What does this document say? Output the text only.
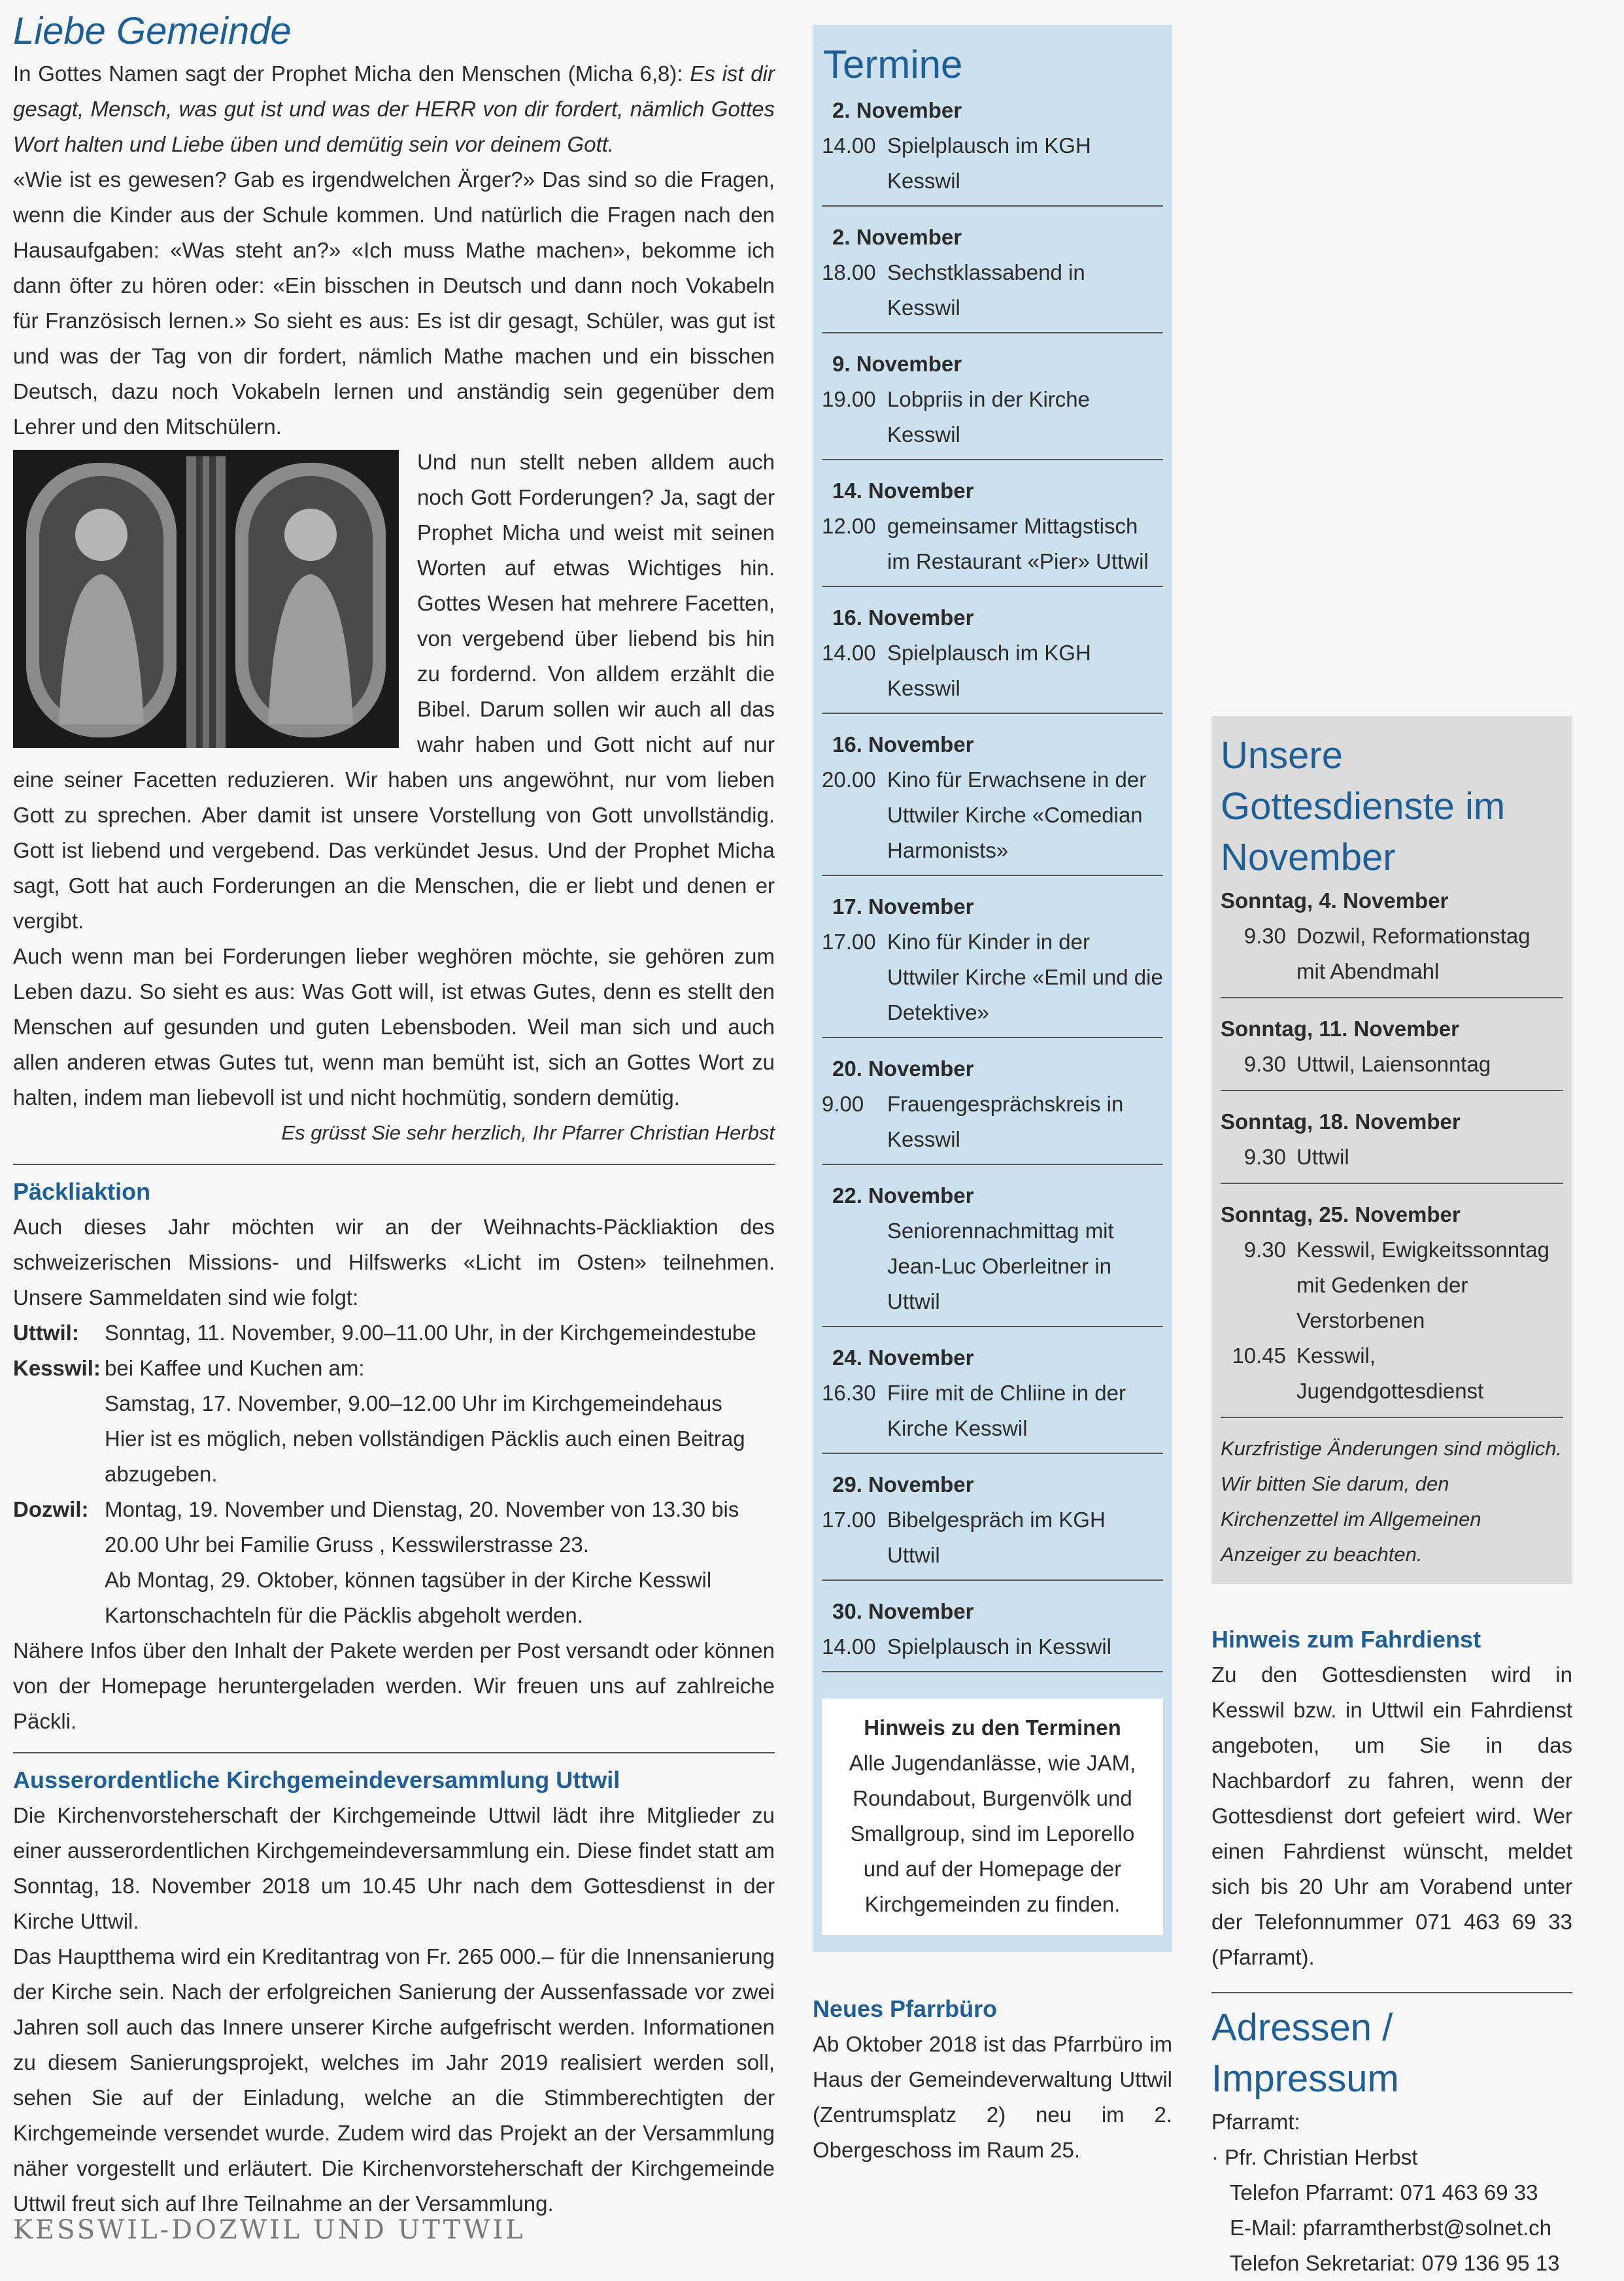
Liebe Gemeinde

In Gottes Namen sagt der Prophet Micha den Menschen (Micha 6,8): Es ist dir gesagt, Mensch, was gut ist und was der HERR von dir fordert, nämlich Gottes Wort halten und Liebe üben und demütig sein vor deinem Gott.

«Wie ist es gewesen? Gab es irgendwelchen Ärger?» Das sind so die Fragen, wenn die Kinder aus der Schule kommen. Und natürlich die Fragen nach den Hausaufgaben: «Was steht an?» «Ich muss Mathe machen», bekomme ich dann öfter zu hören oder: «Ein bisschen in Deutsch und dann noch Vokabeln für Französisch lernen.» So sieht es aus: Es ist dir gesagt, Schüler, was gut ist und was der Tag von dir fordert, nämlich Mathe machen und ein bisschen Deutsch, dazu noch Vokabeln lernen und anständig sein gegenüber dem Lehrer und den Mitschülern.

Und nun stellt neben alldem auch noch Gott Forderungen? Ja, sagt der Prophet Micha und weist mit seinen Worten auf etwas Wichtiges hin. Gottes Wesen hat mehrere Facetten, von vergebend über liebend bis hin zu fordernd. Von alldem erzählt die Bibel. Darum sollen wir auch all das wahr haben und Gott nicht auf nur eine seiner Facetten reduzieren. Wir haben uns angewöhnt, nur vom lieben Gott zu sprechen. Aber damit ist unsere Vorstellung von Gott unvollständig. Gott ist liebend und vergebend. Das verkündet Jesus. Und der Prophet Micha sagt, Gott hat auch Forderungen an die Menschen, die er liebt und denen er vergibt.

Auch wenn man bei Forderungen lieber weghören möchte, sie gehören zum Leben dazu. So sieht es aus: Was Gott will, ist etwas Gutes, denn es stellt den Menschen auf gesunden und guten Lebensboden. Weil man sich und auch allen anderen etwas Gutes tut, wenn man bemüht ist, sich an Gottes Wort zu halten, indem man liebevoll ist und nicht hochmütig, sondern demütig.

Es grüsst Sie sehr herzlich, Ihr Pfarrer Christian Herbst
Päckliaktion

Auch dieses Jahr möchten wir an der Weihnachts-Päckliaktion des schweizerischen Missions- und Hilfswerks «Licht im Osten» teilnehmen. Unsere Sammeldaten sind wie folgt:

Uttwil:	Sonntag, 11. November, 9.00–11.00 Uhr, in der Kirchgemeindestube
Kesswil: bei Kaffee und Kuchen am:

Samstag, 17. November, 9.00–12.00 Uhr im Kirchgemeindehaus

Hier ist es möglich, neben vollständigen Päcklis auch einen Beitrag abzugeben.

Dozwil: Montag, 19. November und Dienstag, 20. November von 13.30 bis 20.00 Uhr bei Familie Gruss , Kesswilerstrasse 23.

Ab Montag, 29. Oktober, können tagsüber in der Kirche Kesswil Kartonschachteln für die Päcklis abgeholt werden.

Nähere Infos über den Inhalt der Pakete werden per Post versandt oder können von der Homepage heruntergeladen werden. Wir freuen uns auf zahlreiche Päckli.

Ausserordentliche Kirchgemeindeversammlung Uttwil

Die Kirchenvorsteherschaft der Kirchgemeinde Uttwil lädt ihre Mitglieder zu einer ausserordentlichen Kirchgemeindeversammlung ein. Diese findet statt am Sonntag, 18. November 2018 um 10.45 Uhr nach dem Gottesdienst in der Kirche Uttwil.

Das Hauptthema wird ein Kreditantrag von Fr. 265 000.– für die Innensanierung der Kirche sein. Nach der erfolgreichen Sanierung der Aussenfassade vor zwei Jahren soll auch das Innere unserer Kirche aufgefrischt werden. Informationen zu diesem Sanierungsprojekt, welches im Jahr 2019 realisiert werden soll, sehen Sie auf der Einladung, welche an die Stimmberechtigten der Kirchgemeinde versendet wurde. Zudem wird das Projekt an der Versammlung näher vorgestellt und erläutert. Die Kirchenvorsteherschaft der Kirchgemeinde Uttwil freut sich auf Ihre Teilnahme an der Versammlung.

Termine
2. November
14.00 Spielplausch im KGH Kesswil
2. November
18.00 Sechstklassabend in Kesswil
9. November
19.00 Lobpriis in der Kirche Kesswil
14. November
12.00 gemeinsamer Mittagstisch im Restaurant «Pier» Uttwil
16. November
14.00 Spielplausch im KGH Kesswil
16. November
20.00 Kino für Erwachsene in der Uttwiler Kirche «Comedian Harmonists»
17. November
17.00 Kino für Kinder in der Uttwiler Kirche «Emil und die Detektive»
20. November
9.00	Frauengesprächskreis in Kesswil
22. November
Seniorennachmittag mit Jean-Luc Oberleitner in Uttwil
24. November
16.30 Fiire mit de Chliine in der Kirche Kesswil
29. November
17.00 Bibelgespräch im KGH Uttwil
30. November
14.00 Spielplausch in Kesswil
Hinweis zu den Terminen
Alle Jugendanlässe, wie JAM, Roundabout, Burgenvölk und Smallgroup, sind im Leporello und auf der Homepage der Kirchgemeinden zu finden.
Neues Pfarrbüro

Ab Oktober 2018 ist das Pfarrbüro im Haus der Gemeindeverwaltung Uttwil (Zentrumsplatz 2) neu im 2. Obergeschoss im Raum 25.

Unsere Gottesdienste im November
Sonntag, 4. November
9.30 Dozwil, Reformationstag mit Abendmahl
Sonntag, 11. November
9.30 Uttwil, Laiensonntag
Sonntag, 18. November
9.30 Uttwil
Sonntag, 25. November
9.30 Kesswil, Ewigkeitssonntag mit Gedenken der Verstorbenen
10.45 Kesswil, Jugendgottesdienst
Kurzfristige Änderungen sind möglich. Wir bitten Sie darum, den Kirchenzettel im Allgemeinen Anzeiger zu beachten.
Hinweis zum Fahrdienst

Zu den Gottesdiensten wird in Kesswil bzw. in Uttwil ein Fahrdienst angeboten, um Sie in das Nachbardorf zu fahren, wenn der Gottesdienst dort gefeiert wird. Wer einen Fahrdienst wünscht, meldet sich bis 20 Uhr am Vorabend unter der Telefonnummer 071 463 69 33 (Pfarramt).

Adressen / Impressum

Pfarramt:

· Pfr. Christian Herbst

Telefon Pfarramt: 071 463 69 33

E-Mail: pfarramtherbst@solnet.ch

Telefon Sekretariat: 079 136 95 13

KESSWIL-DOZWIL UND UTTWIL
